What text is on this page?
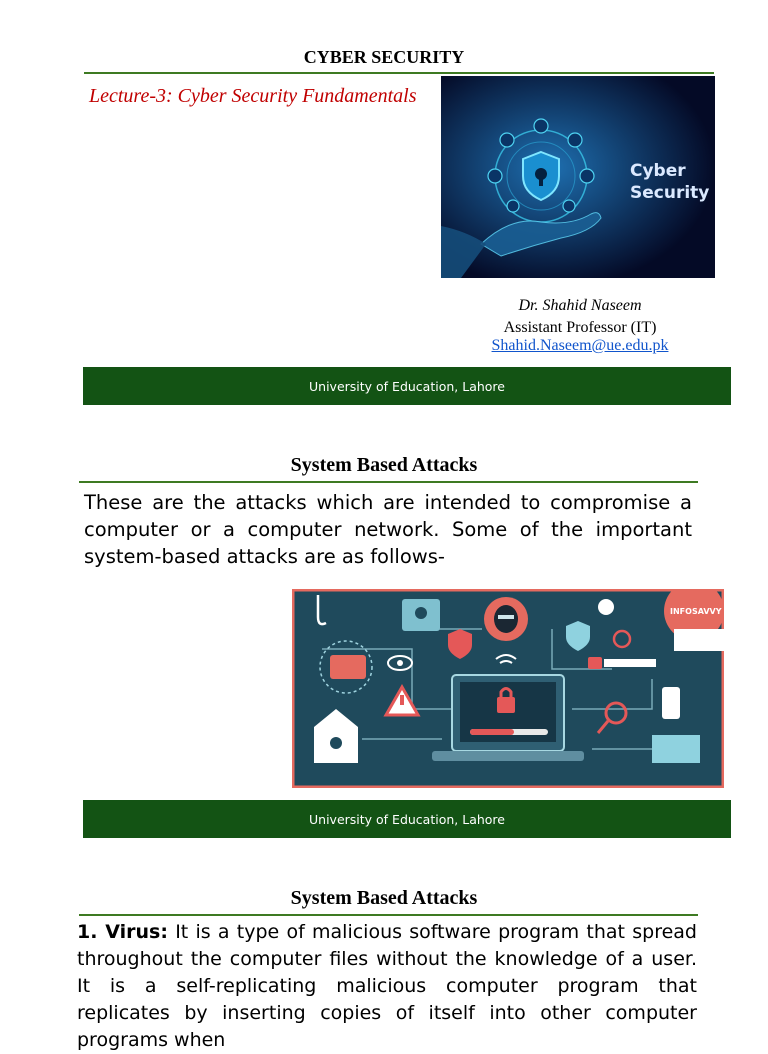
CYBER SECURITY
Lecture-3: Cyber Security Fundamentals
Cyber
Security
Dr. Shahid Naseem
Assistant Professor (IT)
Shahid.Naseem@ue.edu.pk
University of Education, Lahore
System Based Attacks
These are the attacks which are intended to compromise a computer or a computer network. Some of the important system-based attacks are as follows-
INFOSAVVY
University of Education, Lahore
System Based Attacks
1. Virus: It is a type of malicious software program that spread throughout the computer files without the knowledge of a user. It is a self-replicating malicious computer program that replicates by inserting copies of itself into other computer programs when
